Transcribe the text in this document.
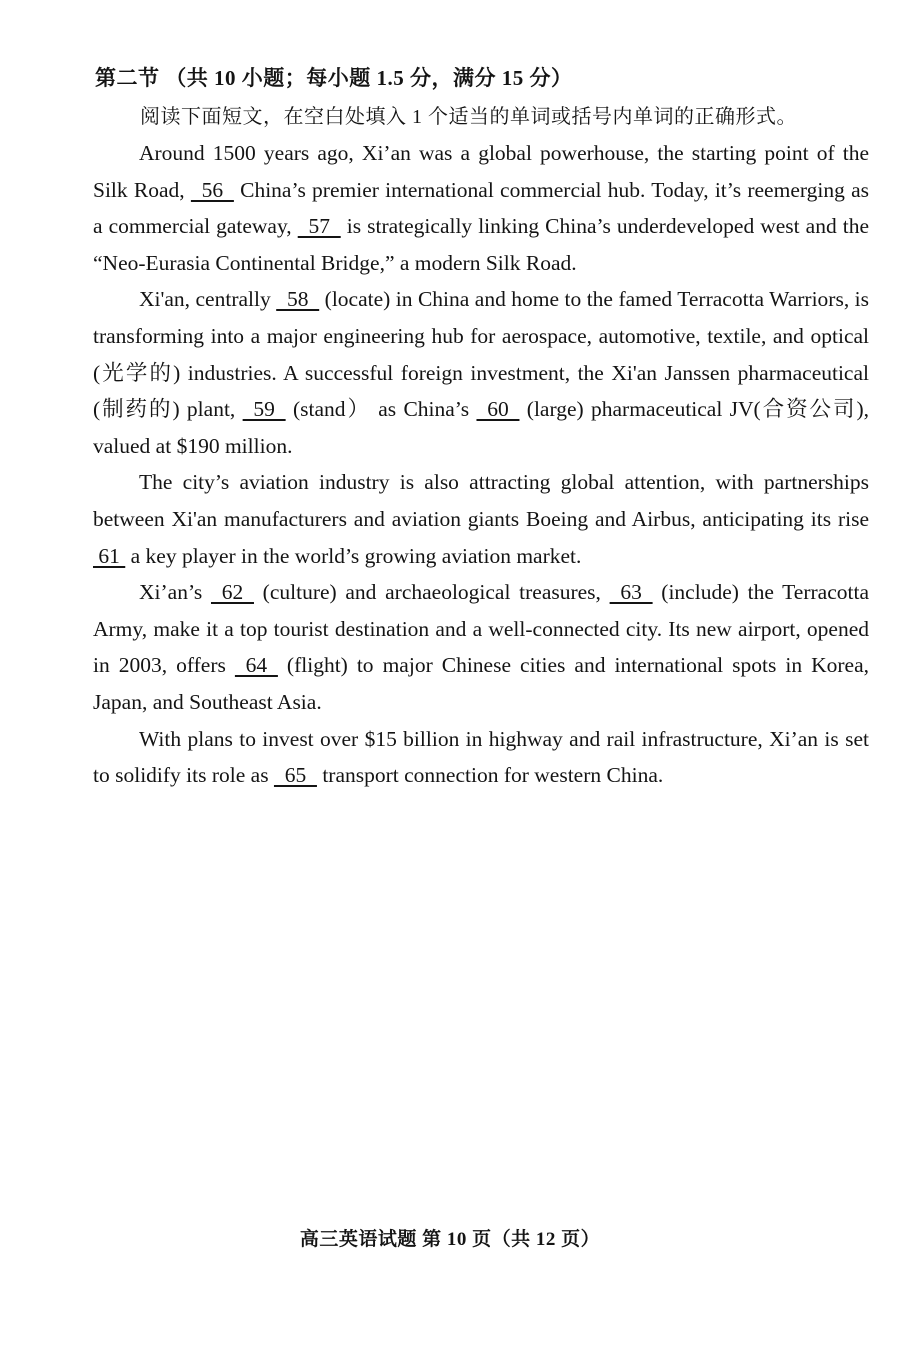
第二节 （共 10 小题；每小题 1.5 分，满分 15 分）
阅读下面短文，在空白处填入 1 个适当的单词或括号内单词的正确形式。

Around 1500 years ago, Xi’an was a global powerhouse, the starting point of the Silk Road,   56   China’s premier international commercial hub. Today, it’s reemerging as a commercial gateway,   57   is strategically linking China’s underdeveloped west and the “Neo-Eurasia Continental Bridge,” a modern Silk Road.

Xi'an, centrally   58   (locate) in China and home to the famed Terracotta Warriors, is transforming into a major engineering hub for aerospace, automotive, textile, and optical (光学的) industries. A successful foreign investment, the Xi'an Janssen pharmaceutical (制药的) plant,   59   (stand） as China’s   60   (large) pharmaceutical JV(合资公司), valued at $190 million.

The city’s aviation industry is also attracting global attention, with partnerships between Xi'an manufacturers and aviation giants Boeing and Airbus, anticipating its rise  61  a key player in the world’s growing aviation market.

Xi’an’s   62   (culture) and archaeological treasures,   63   (include) the Terracotta Army, make it a top tourist destination and a well-connected city. Its new airport, opened in 2003, offers   64   (flight) to major Chinese cities and international spots in Korea, Japan, and Southeast Asia.

With plans to invest over $15 billion in highway and rail infrastructure, Xi’an is set to solidify its role as   65   transport connection for western China.

高三英语试题 第 10 页（共 12 页）
